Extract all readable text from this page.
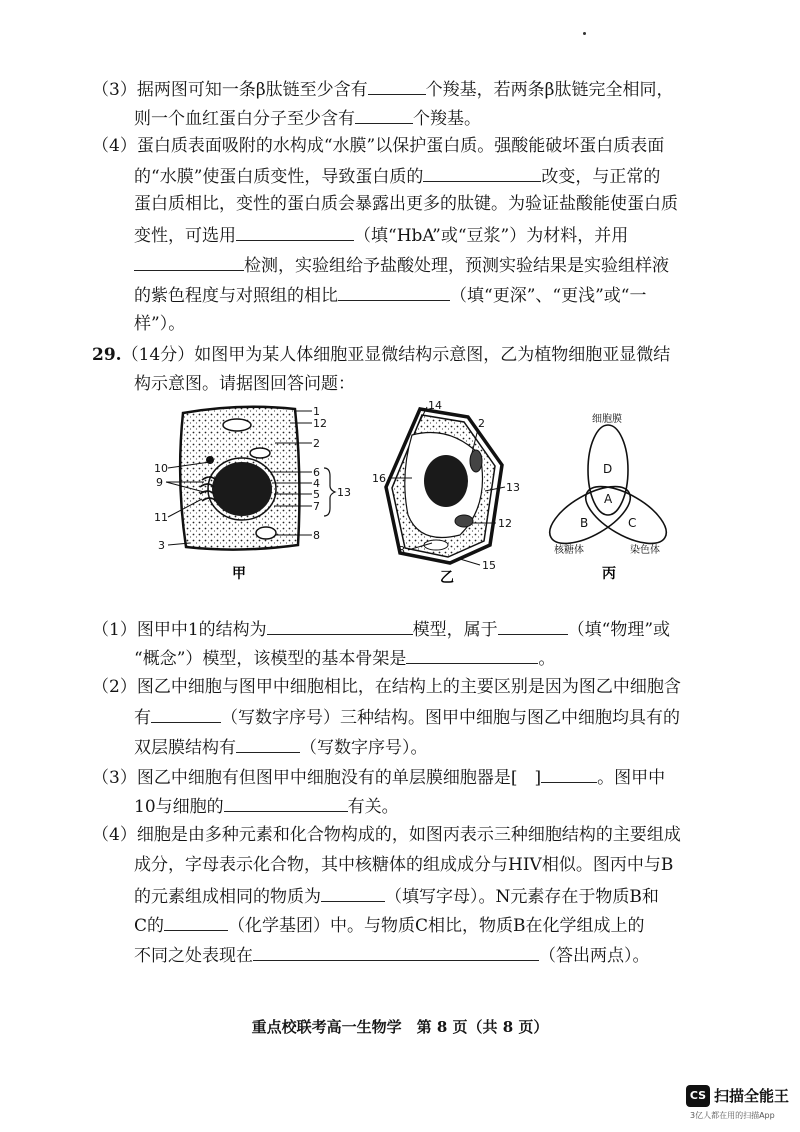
（3）据两图可知一条β肽链至少含有	个羧基，若两条β肽链完全相同，
则一个血红蛋白分子至少含有	个羧基。
（4）蛋白质表面吸附的水构成“水膜”以保护蛋白质。强酸能破坏蛋白质表面
的“水膜”使蛋白质变性，导致蛋白质的	改变，与正常的
蛋白质相比，变性的蛋白质会暴露出更多的肽键。为验证盐酸能使蛋白质
变性，可选用	（填“HbA”或“豆浆”）为材料，并用
检测，实验组给予盐酸处理，预测实验结果是实验组样液
的紫色程度与对照组的相比	（填“更深”、“更浅”或“一
样”）。
29.（14分）如图甲为某人体细胞亚显微结构示意图，乙为植物细胞亚显微结
构示意图。请据图回答问题：
1
12
2
6
4
5
7
8
13
10
9
11
3
甲
14
2
16
13
8
12
15
乙
细胞膜
核糖体	染色体
D
A
B	C
丙
（1）图甲中1的结构为	模型，属于	（填“物理”或
“概念”）模型，该模型的基本骨架是	。
（2）图乙中细胞与图甲中细胞相比，在结构上的主要区别是因为图乙中细胞含
有	（写数字序号）三种结构。图甲中细胞与图乙中细胞均具有的
双层膜结构有	（写数字序号）。
（3）图乙中细胞有但图甲中细胞没有的单层膜细胞器是[　]	。图甲中
10与细胞的	有关。
（4）细胞是由多种元素和化合物构成的，如图丙表示三种细胞结构的主要组成
成分，字母表示化合物，其中核糖体的组成成分与HIV相似。图丙中与B
的元素组成相同的物质为	（填写字母）。N元素存在于物质B和
C的	（化学基团）中。与物质C相比，物质B在化学组成上的
不同之处表现在	（答出两点）。
重点校联考高一生物学　第 8 页（共 8 页）
CS 扫描全能王
3亿人都在用的扫描App
